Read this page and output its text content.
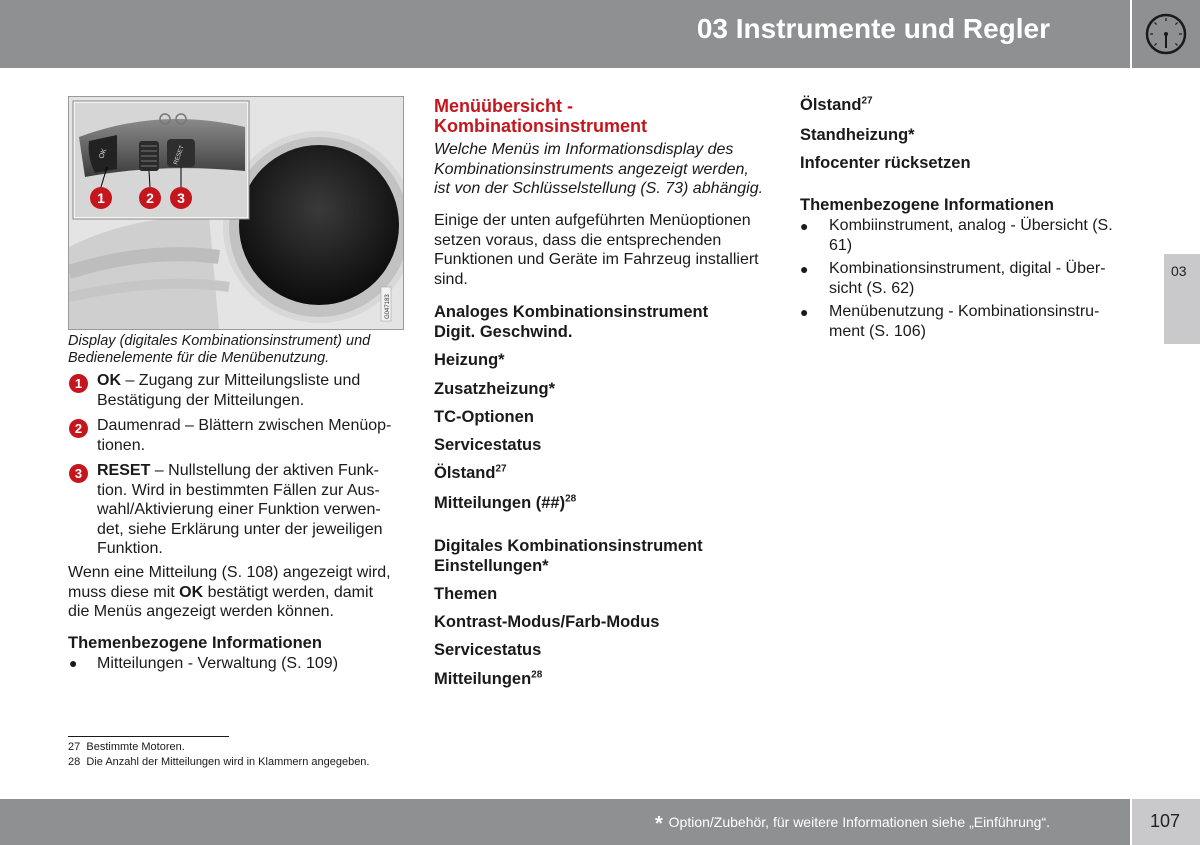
03 Instrumente und Regler
03
1	2 3
OK	RESET
G047183
Display (digitales Kombinationsinstrument) und Bedienelemente für die Menübenutzung.
1 OK – Zugang zur Mitteilungsliste und
Bestätigung der Mitteilungen.
2 Daumenrad – Blättern zwischen Menüop-
tionen.
3 RESET – Nullstellung der aktiven Funk-
tion. Wird in bestimmten Fällen zur Aus-
wahl/Aktivierung einer Funktion verwen-
det, siehe Erklärung unter der jeweiligen
Funktion.
Wenn eine Mitteilung (S. 108) angezeigt wird,
muss diese mit OK bestätigt werden, damit
die Menüs angezeigt werden können.
Themenbezogene Informationen
● Mitteilungen - Verwaltung (S. 109)
Menüübersicht -
Kombinationsinstrument
Welche Menüs im Informationsdisplay des
Kombinationsinstruments angezeigt werden,
ist von der Schlüsselstellung (S. 73) abhängig.
Einige der unten aufgeführten Menüoptionen
setzen voraus, dass die entsprechenden
Funktionen und Geräte im Fahrzeug installiert
sind.
Analoges Kombinationsinstrument
Digit. Geschwind.
Heizung*
Zusatzheizung*
TC-Optionen
Servicestatus
Ölstand$^{27}$
Mitteilungen (##)$^{28}$
Digitales Kombinationsinstrument
Einstellungen*
Themen
Kontrast-Modus/Farb-Modus
Servicestatus
Mitteilungen$^{28}$
Ölstand$^{27}$
Standheizung*
Infocenter rücksetzen
Themenbezogene Informationen
● Kombiinstrument, analog - Übersicht (S.
61)
● Kombinationsinstrument, digital - Über-
sicht (S. 62)
● Menübenutzung - Kombinationsinstru-
ment (S. 106)
27 Bestimmte Motoren.
28 Die Anzahl der Mitteilungen wird in Klammern angegeben.
* Option/Zubehör, für weitere Informationen siehe „Einführung“.	107
